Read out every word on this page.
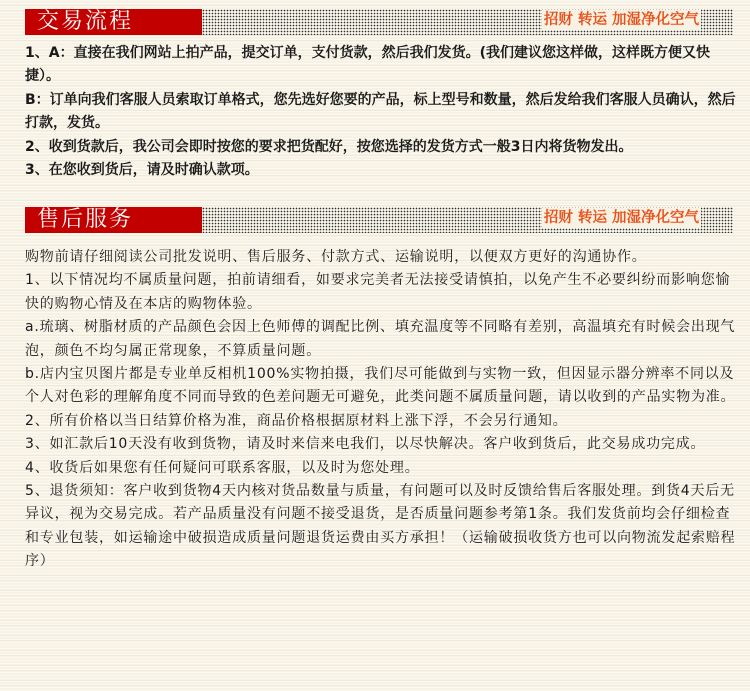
交易流程	招财 转运 加湿净化空气

1、A：直接在我们网站上拍产品，提交订单，支付货款，然后我们发货。(我们建议您这样做，这样既方便又快捷）。

B：订单向我们客服人员索取订单格式，您先选好您要的产品，标上型号和数量，然后发给我们客服人员确认，然后打款，发货。

2、收到货款后，我公司会即时按您的要求把货配好，按您选择的发货方式一般3日内将货物发出。

3、在您收到货后，请及时确认款项。

售后服务	招财 转运 加湿净化空气

购物前请仔细阅读公司批发说明、售后服务、付款方式、运输说明，以便双方更好的沟通协作。

1、以下情况均不属质量问题，拍前请细看，如要求完美者无法接受请慎拍，以免产生不必要纠纷而影响您愉快的购物心情及在本店的购物体验。

a.琉璃、树脂材质的产品颜色会因上色师傅的调配比例、填充温度等不同略有差别，高温填充有时候会出现气泡，颜色不均匀属正常现象，不算质量问题。

b.店内宝贝图片都是专业单反相机100%实物拍摄，我们尽可能做到与实物一致，但因显示器分辨率不同以及个人对色彩的理解角度不同而导致的色差问题无可避免，此类问题不属质量问题，请以收到的产品实物为准。

2、所有价格以当日结算价格为准，商品价格根据原材料上涨下浮，不会另行通知。

3、如汇款后10天没有收到货物，请及时来信来电我们，以尽快解决。客户收到货后，此交易成功完成。

4、收货后如果您有任何疑问可联系客服，以及时为您处理。

5、退货须知：客户收到货物4天内核对货品数量与质量，有问题可以及时反馈给售后客服处理。到货4天后无异议，视为交易完成。若产品质量没有问题不接受退货，是否质量问题参考第1条。我们发货前均会仔细检查和专业包装，如运输途中破损造成质量问题退货运费由买方承担！（运输破损收货方也可以向物流发起索赔程序）
